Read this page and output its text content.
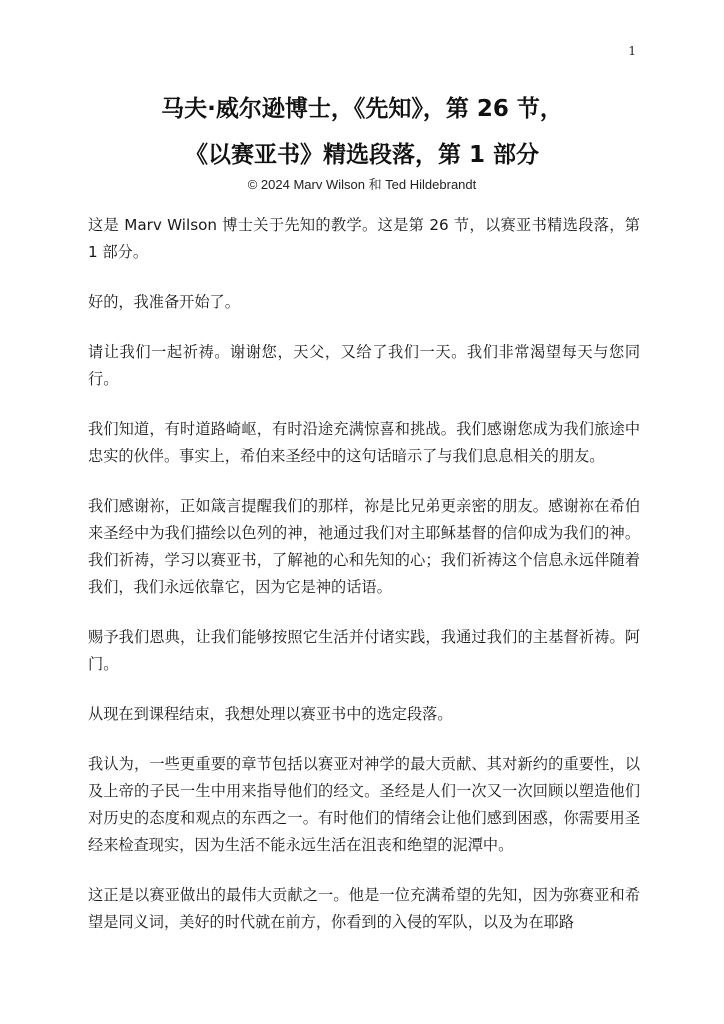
1
马夫·威尔逊博士，《先知》，第 26 节，
《以赛亚书》精选段落，第 1 部分
© 2024 Marv Wilson 和 Ted Hildebrandt

这是 Marv Wilson 博士关于先知的教学。这是第 26 节，以赛亚书精选段落，第 1 部分。

好的，我准备开始了。

请让我们一起祈祷。谢谢您，天父，又给了我们一天。我们非常渴望每天与您同行。

我们知道，有时道路崎岖，有时沿途充满惊喜和挑战。我们感谢您成为我们旅途中忠实的伙伴。事实上，希伯来圣经中的这句话暗示了与我们息息相关的朋友。

我们感谢祢，正如箴言提醒我们的那样，祢是比兄弟更亲密的朋友。感谢祢在希伯来圣经中为我们描绘以色列的神，祂通过我们对主耶稣基督的信仰成为我们的神。我们祈祷，学习以赛亚书，了解祂的心和先知的心；我们祈祷这个信息永远伴随着我们，我们永远依靠它，因为它是神的话语。

赐予我们恩典，让我们能够按照它生活并付诸实践，我通过我们的主基督祈祷。阿门。

从现在到课程结束，我想处理以赛亚书中的选定段落。

我认为，一些更重要的章节包括以赛亚对神学的最大贡献、其对新约的重要性，以及上帝的子民一生中用来指导他们的经文。圣经是人们一次又一次回顾以塑造他们对历史的态度和观点的东西之一。有时他们的情绪会让他们感到困惑，你需要用圣经来检查现实，因为生活不能永远生活在沮丧和绝望的泥潭中。

这正是以赛亚做出的最伟大贡献之一。他是一位充满希望的先知，因为弥赛亚和希望是同义词，美好的时代就在前方，你看到的入侵的军队，以及为在耶路
